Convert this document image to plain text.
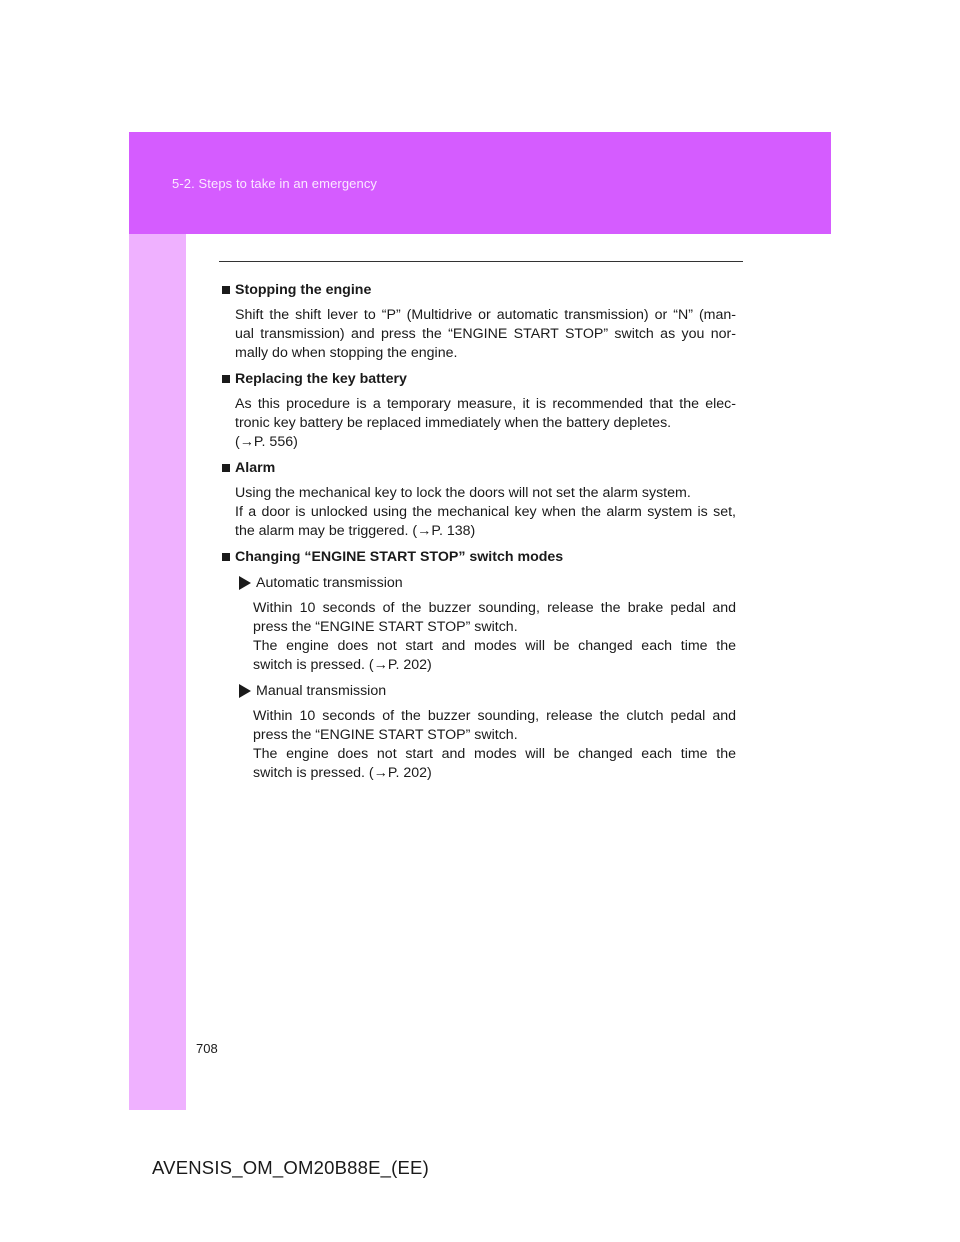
5-2. Steps to take in an emergency
Stopping the engine
Shift the shift lever to “P” (Multidrive or automatic transmission) or “N” (man-
ual transmission) and press the “ENGINE START STOP” switch as you nor-
mally do when stopping the engine.
Replacing the key battery
As this procedure is a temporary measure, it is recommended that the elec-
tronic key battery be replaced immediately when the battery depletes.
(→P. 556)
Alarm
Using the mechanical key to lock the doors will not set the alarm system.
If a door is unlocked using the mechanical key when the alarm system is set,
the alarm may be triggered. (→P. 138)
Changing “ENGINE START STOP” switch modes
Automatic transmission
Within 10 seconds of the buzzer sounding, release the brake pedal and
press the “ENGINE START STOP” switch.
The engine does not start and modes will be changed each time the
switch is pressed. (→P. 202)
Manual transmission
Within 10 seconds of the buzzer sounding, release the clutch pedal and
press the “ENGINE START STOP” switch.
The engine does not start and modes will be changed each time the
switch is pressed. (→P. 202)
708
AVENSIS_OM_OM20B88E_(EE)
